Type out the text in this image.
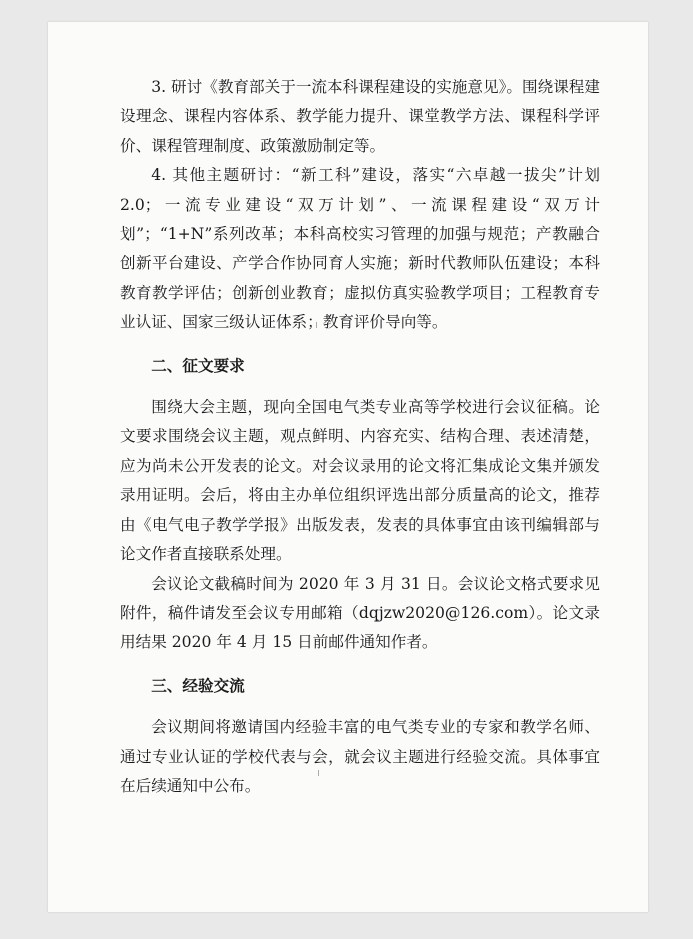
3. 研讨《教育部关于一流本科课程建设的实施意见》。围绕课程建设理念、课程内容体系、教学能力提升、课堂教学方法、课程科学评价、课程管理制度、政策激励制定等。

4. 其他主题研讨：“新工科”建设，落实“六卓越一拔尖”计划 2.0；一流专业建设“双万计划”、一流课程建设“双万计划”；“1+N”系列改革；本科高校实习管理的加强与规范；产教融合创新平台建设、产学合作协同育人实施；新时代教师队伍建设；本科教育教学评估；创新创业教育；虚拟仿真实验教学项目；工程教育专业认证、国家三级认证体系；教育评价导向等。

二、征文要求

围绕大会主题，现向全国电气类专业高等学校进行会议征稿。论文要求围绕会议主题，观点鲜明、内容充实、结构合理、表述清楚，应为尚未公开发表的论文。对会议录用的论文将汇集成论文集并颁发录用证明。会后，将由主办单位组织评选出部分质量高的论文，推荐由《电气电子教学学报》出版发表，发表的具体事宜由该刊编辑部与论文作者直接联系处理。

会议论文截稿时间为 2020 年 3 月 31 日。会议论文格式要求见附件，稿件请发至会议专用邮箱（dqjzw2020@126.com）。论文录用结果 2020 年 4 月 15 日前邮件通知作者。

三、经验交流

会议期间将邀请国内经验丰富的电气类专业的专家和教学名师、通过专业认证的学校代表与会，就会议主题进行经验交流。具体事宜在后续通知中公布。
